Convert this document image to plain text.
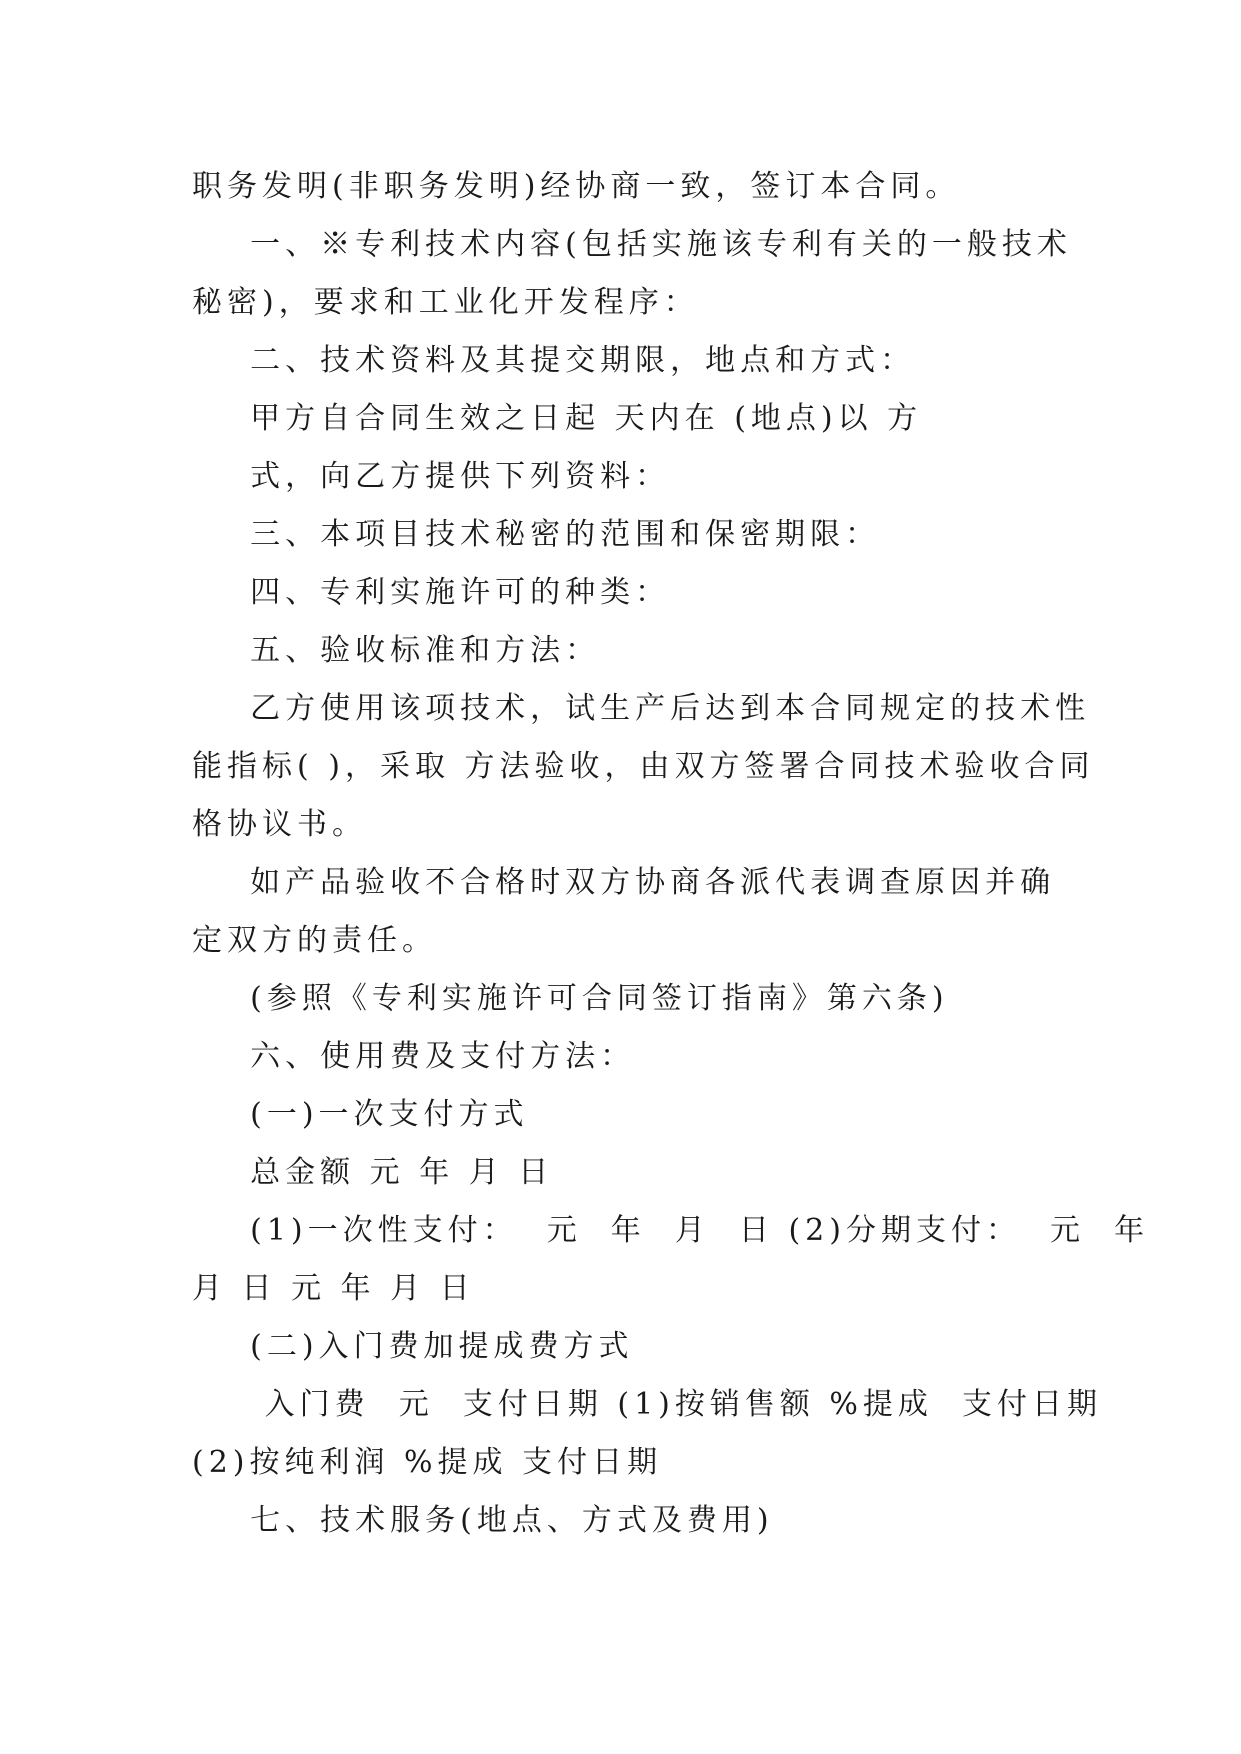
职务发明(非职务发明)经协商一致，签订本合同。
一、※专利技术内容(包括实施该专利有关的一般技术
秘密)，要求和工业化开发程序：
二、技术资料及其提交期限，地点和方式：
甲方自合同生效之日起 天内在 (地点)以 方
式，向乙方提供下列资料：
三、本项目技术秘密的范围和保密期限：
四、专利实施许可的种类：
五、验收标准和方法：
乙方使用该项技术，试生产后达到本合同规定的技术性
能指标( )，采取 方法验收，由双方签署合同技术验收合同
格协议书。
如产品验收不合格时双方协商各派代表调查原因并确
定双方的责任。
(参照《专利实施许可合同签订指南》第六条)
六、使用费及支付方法：
(一)一次支付方式
总金额 元 年 月 日
(1)一次性支付：  元  年  月  日 (2)分期支付：  元  年
月 日 元 年 月 日
(二)入门费加提成费方式
入门费  元  支付日期 (1)按销售额 %提成  支付日期
(2)按纯利润 %提成 支付日期
七、技术服务(地点、方式及费用)
